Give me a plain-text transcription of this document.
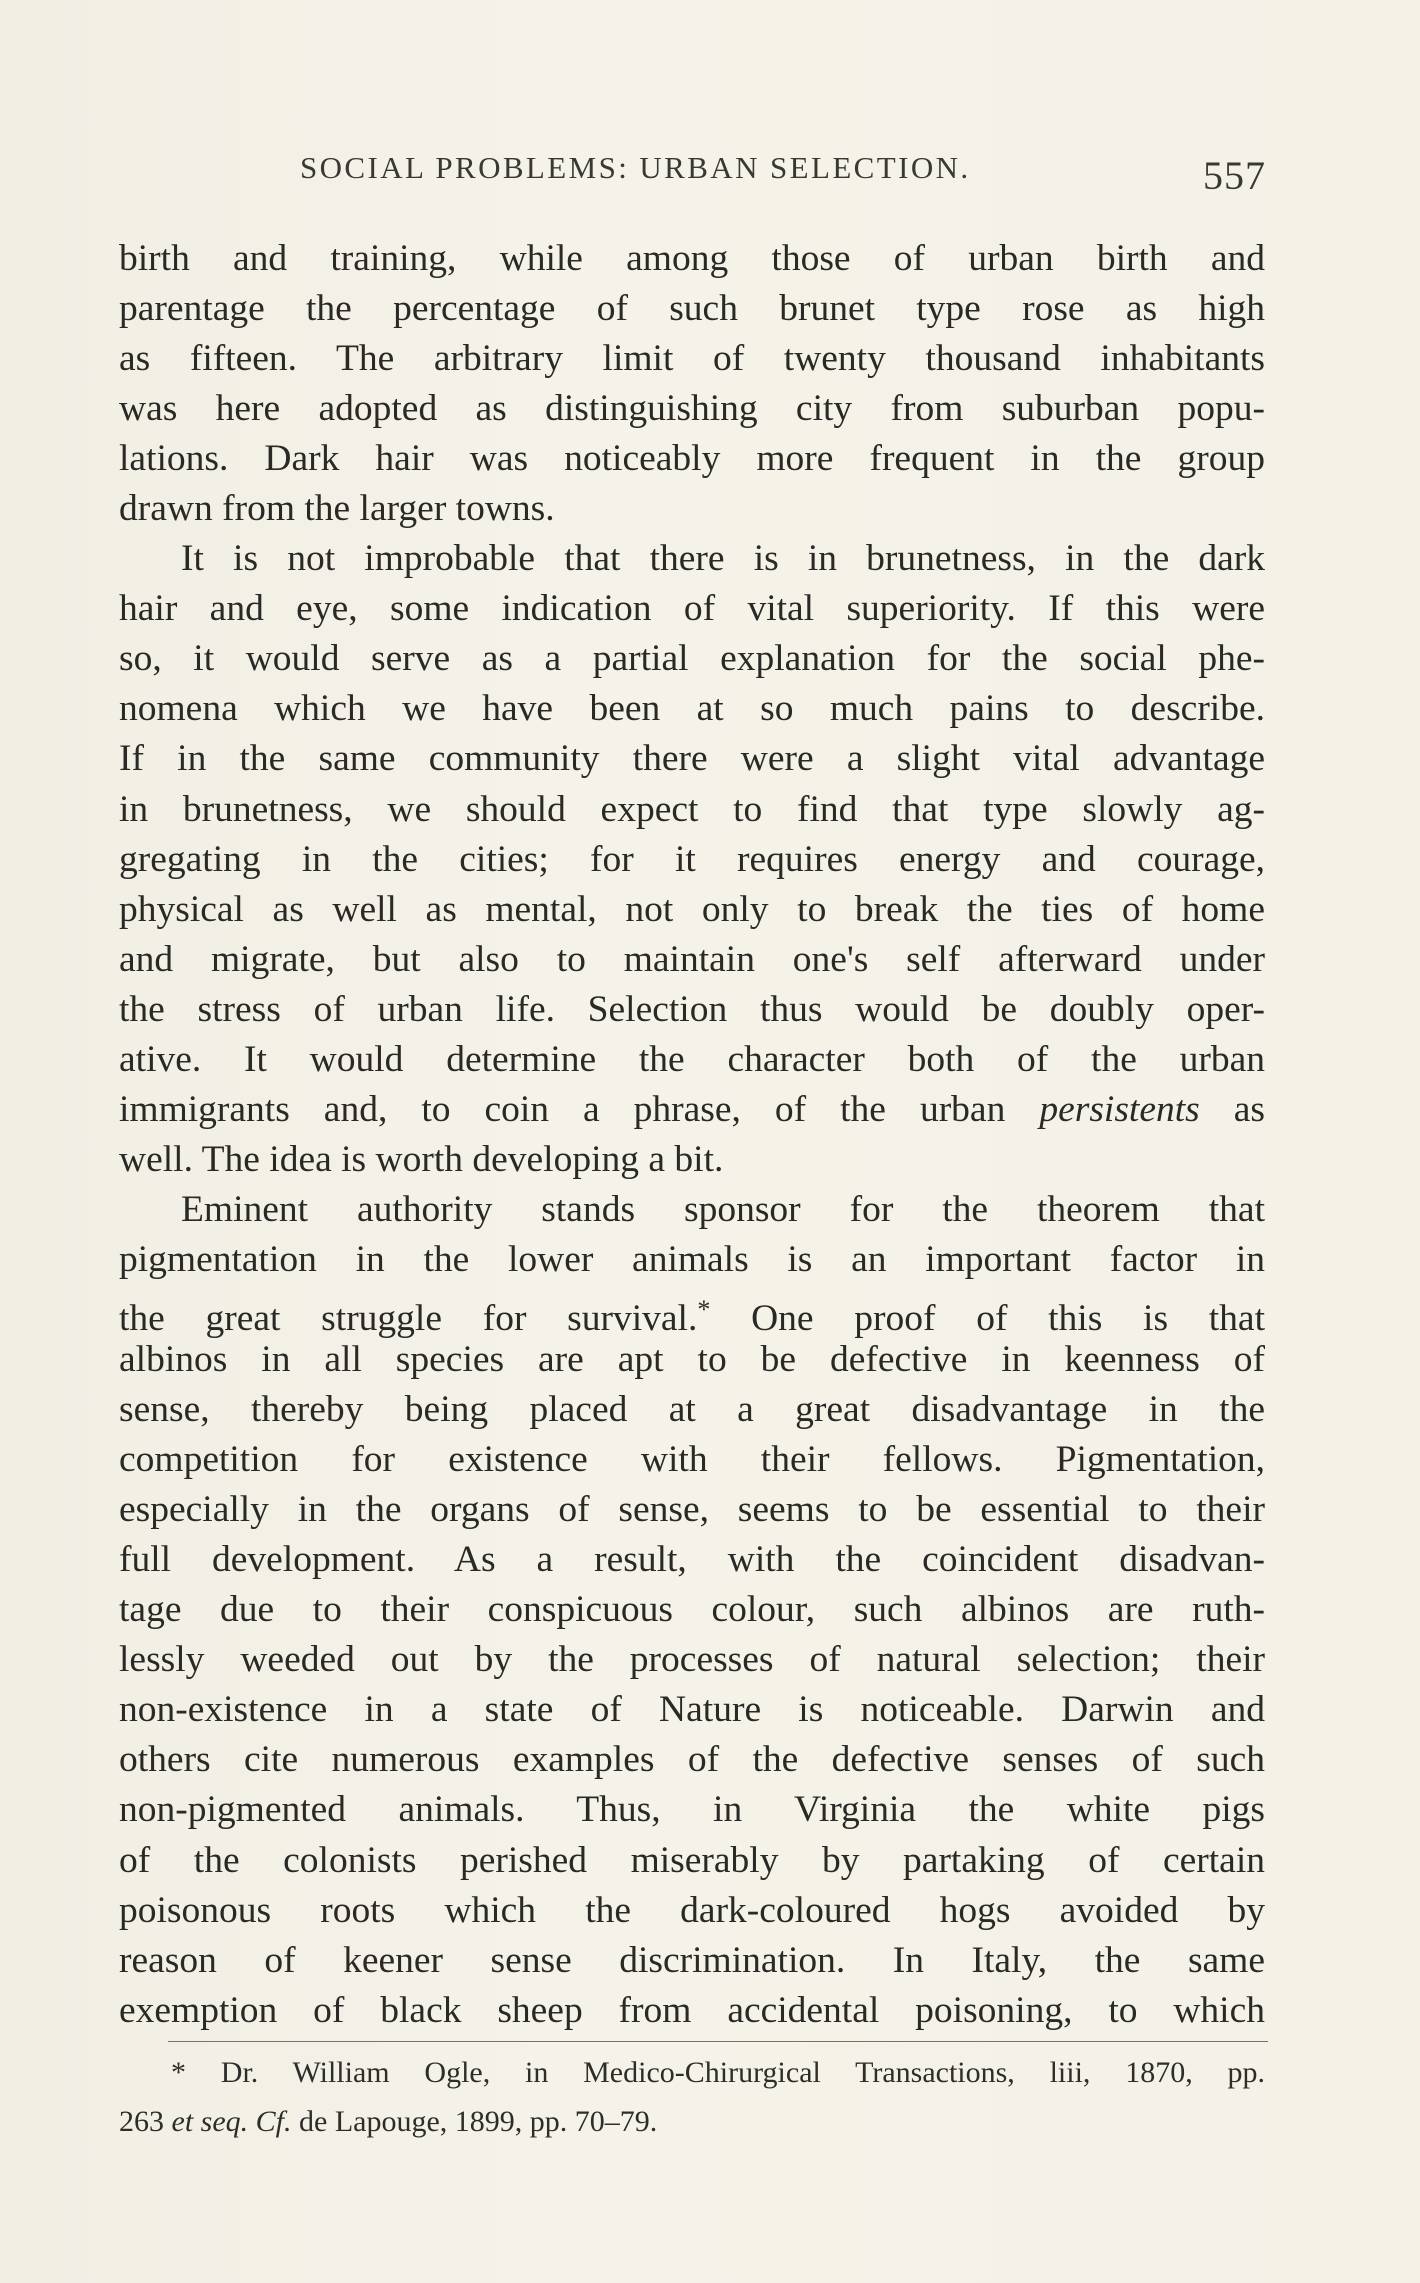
SOCIAL PROBLEMS: URBAN SELECTION.	557
birth and training, while among those of urban birth and
parentage the percentage of such brunet type rose as high
as fifteen. The arbitrary limit of twenty thousand inhabitants
was here adopted as distinguishing city from suburban popu-
lations. Dark hair was noticeably more frequent in the group
drawn from the larger towns.
It is not improbable that there is in brunetness, in the dark
hair and eye, some indication of vital superiority. If this were
so, it would serve as a partial explanation for the social phe-
nomena which we have been at so much pains to describe.
If in the same community there were a slight vital advantage
in brunetness, we should expect to find that type slowly ag-
gregating in the cities; for it requires energy and courage,
physical as well as mental, not only to break the ties of home
and migrate, but also to maintain one's self afterward under
the stress of urban life. Selection thus would be doubly oper-
ative. It would determine the character both of the urban
immigrants and, to coin a phrase, of the urban persistents as
well. The idea is worth developing a bit.
Eminent authority stands sponsor for the theorem that
pigmentation in the lower animals is an important factor in
the great struggle for survival.* One proof of this is that
albinos in all species are apt to be defective in keenness of
sense, thereby being placed at a great disadvantage in the
competition for existence with their fellows. Pigmentation,
especially in the organs of sense, seems to be essential to their
full development. As a result, with the coincident disadvan-
tage due to their conspicuous colour, such albinos are ruth-
lessly weeded out by the processes of natural selection; their
non-existence in a state of Nature is noticeable. Darwin and
others cite numerous examples of the defective senses of such
non-pigmented animals. Thus, in Virginia the white pigs
of the colonists perished miserably by partaking of certain
poisonous roots which the dark-coloured hogs avoided by
reason of keener sense discrimination. In Italy, the same
exemption of black sheep from accidental poisoning, to which
* Dr. William Ogle, in Medico-Chirurgical Transactions, liii, 1870, pp.
263 et seq. Cf. de Lapouge, 1899, pp. 70–79.
